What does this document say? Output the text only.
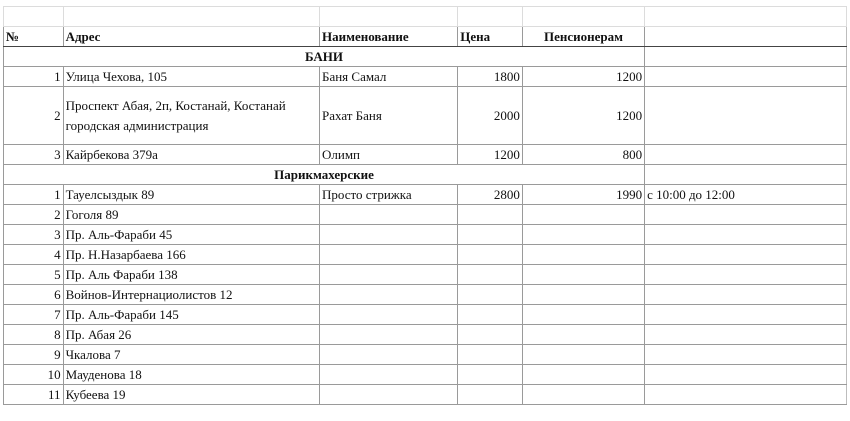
№	Адрес	Наименование	Цена	Пенсионерам	
БАНИ					
1	Улица Чехова, 105	Баня Самал	1800	1200	
2	Проспект Абая, 2п, Костанай, Костанай городская администрация	Рахат Баня	2000	1200	
3	Кайрбекова 379а	Олимп	1200	800	
Парикмахерские					
1	Тауелсыздык 89	Просто стрижка	2800	1990	с 10:00 до 12:00
2	Гоголя 89				
3	Пр. Аль-Фараби 45				
4	Пр. Н.Назарбаева 166				
5	Пр. Аль Фараби 138				
6	Войнов-Интернациолистов 12				
7	Пр. Аль-Фараби 145				
8	Пр. Абая 26				
9	Чкалова 7				
10	Мауденова 18				
11	Кубеева 19				
